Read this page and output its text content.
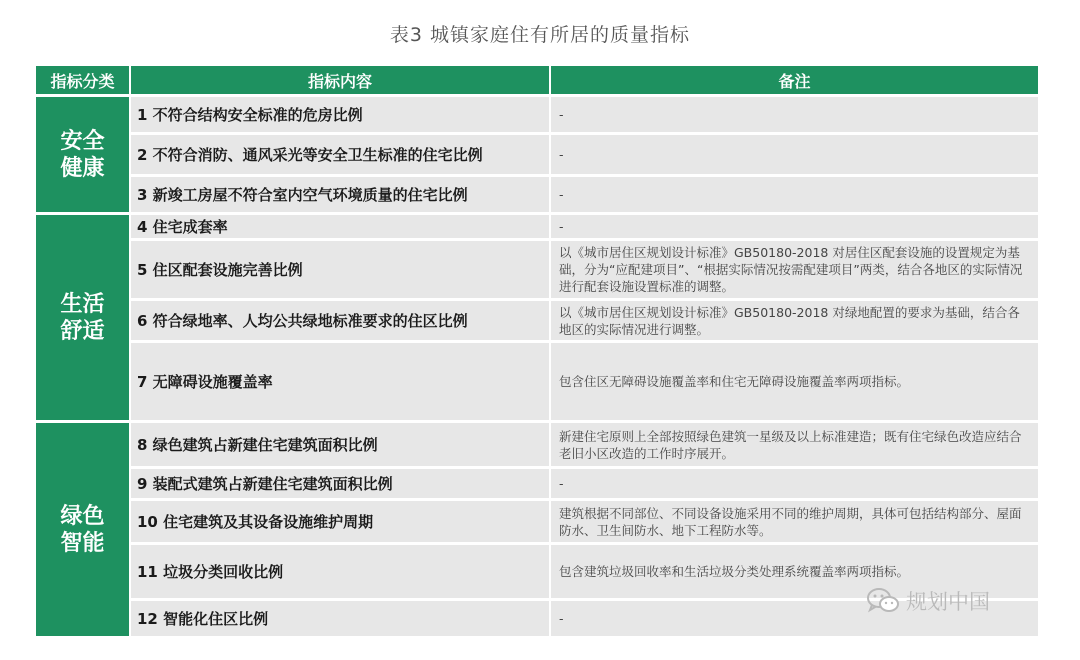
表3 城镇家庭住有所居的质量指标
指标分类	指标内容	备注
安全健康	1 不符合结构安全标准的危房比例	-
	2 不符合消防、通风采光等安全卫生标准的住宅比例	-
	3 新竣工房屋不符合室内空气环境质量的住宅比例	-
生活舒适	4 住宅成套率	-
	5 住区配套设施完善比例	以《城市居住区规划设计标准》GB50180-2018 对居住区配套设施的设置规定为基础，分为“应配建项目”、“根据实际情况按需配建项目”两类，结合各地区的实际情况进行配套设施设置标准的调整。
	6 符合绿地率、人均公共绿地标准要求的住区比例	以《城市居住区规划设计标准》GB50180-2018 对绿地配置的要求为基础，结合各地区的实际情况进行调整。
	7 无障碍设施覆盖率	包含住区无障碍设施覆盖率和住宅无障碍设施覆盖率两项指标。
绿色智能	8 绿色建筑占新建住宅建筑面积比例	新建住宅原则上全部按照绿色建筑一星级及以上标准建造；既有住宅绿色改造应结合老旧小区改造的工作时序展开。
	9 装配式建筑占新建住宅建筑面积比例	-
	10 住宅建筑及其设备设施维护周期	建筑根据不同部位、不同设备设施采用不同的维护周期，具体可包括结构部分、屋面防水、卫生间防水、地下工程防水等。
	11 垃圾分类回收比例	包含建筑垃圾回收率和生活垃圾分类处理系统覆盖率两项指标。
	12 智能化住区比例	-
规划中国
